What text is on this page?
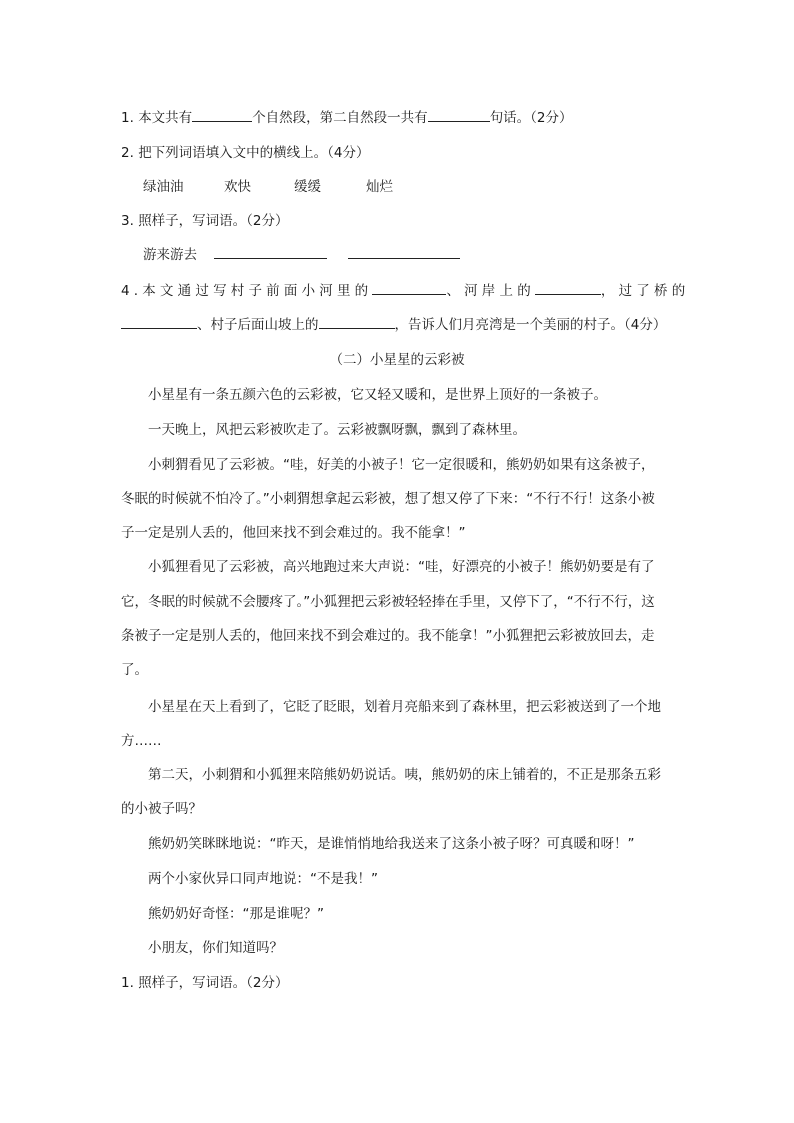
1. 本文共有	个自然段，第二自然段一共有	句话。（2分）
2. 把下列词语填入文中的横线上。（4分）
绿油油	欢快	缓缓	灿烂
3. 照样子，写词语。（2分）
游来游去
4.本文通过写村子前面小河里的	、河岸上的	，过了桥的
、村子后面山坡上的	，告诉人们月亮湾是一个美丽的村子。（4分）
（二）小星星的云彩被
小星星有一条五颜六色的云彩被，它又轻又暖和，是世界上顶好的一条被子。
一天晚上，风把云彩被吹走了。云彩被飘呀飘，飘到了森林里。
小刺猬看见了云彩被。“哇，好美的小被子！它一定很暖和，熊奶奶如果有这条被子，
冬眠的时候就不怕冷了。”小刺猬想拿起云彩被，想了想又停了下来：“不行不行！这条小被
子一定是别人丢的，他回来找不到会难过的。我不能拿！”
小狐狸看见了云彩被，高兴地跑过来大声说：“哇，好漂亮的小被子！熊奶奶要是有了
它，冬眠的时候就不会腰疼了。”小狐狸把云彩被轻轻捧在手里，又停下了，“不行不行，这
条被子一定是别人丢的，他回来找不到会难过的。我不能拿！”小狐狸把云彩被放回去，走
了。
小星星在天上看到了，它眨了眨眼，划着月亮船来到了森林里，把云彩被送到了一个地
方……
第二天，小刺猬和小狐狸来陪熊奶奶说话。咦，熊奶奶的床上铺着的，不正是那条五彩
的小被子吗？
熊奶奶笑眯眯地说：“昨天，是谁悄悄地给我送来了这条小被子呀？可真暖和呀！”
两个小家伙异口同声地说：“不是我！”
熊奶奶好奇怪：“那是谁呢？”
小朋友，你们知道吗？
1. 照样子，写词语。（2分）
